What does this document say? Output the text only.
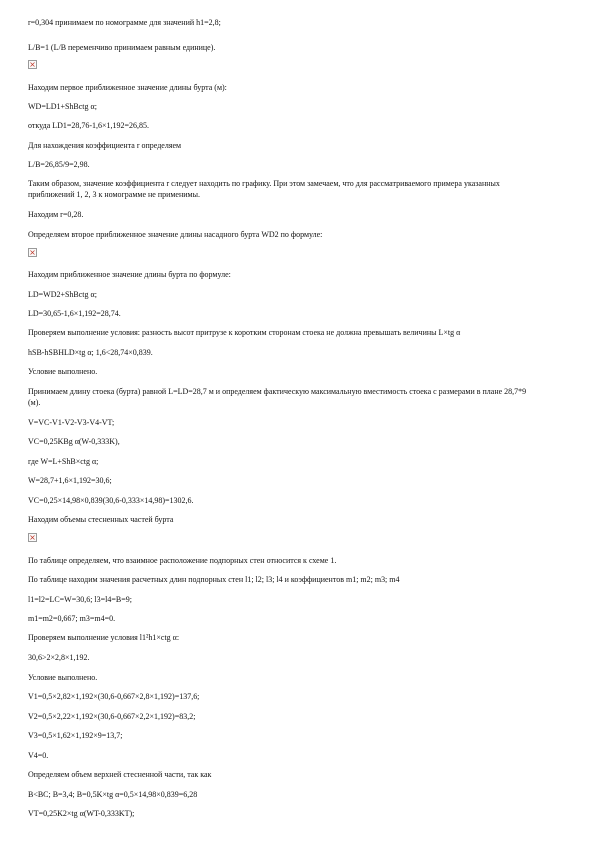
r=0,304 принимаем по номограмме для значений h1=2,8;
L/B=1 (L/B переменчиво принимаем равным единице).
×
Находим первое приближенное значение длины бурта (м):
WD=LD1+ShBctg α;
откуда LD1=28,76-1,6×1,192=26,85.
Для нахождения коэффициента r определяем
L/B=26,85/9=2,98.
Таким образом, значение коэффициента r следует находить по графику. При этом замечаем, что для рассматриваемого примера указанных приближений 1, 2, 3 к номограмме не применимы.
Находим r=0,28.
Определяем второе приближенное значение длины насадного бурта WD2 по формуле:
×
Находим приближенное значение длины бурта по формуле:
LD=WD2+ShBctg α;
LD=30,65-1,6×1,192=28,74.
Проверяем выполнение условия: разность высот притрузе к коротким сторонам стоека не должна превышать величины L×tg α
hSB-hSBHLD×tg α; 1,6<28,74×0,839.
Условие выполнено.
Принимаем длину стоека (бурта) равной L=LD=28,7 м и определяем фактическую максимальную вместимость стоека с размерами в плане 28,7*9 (м).
V=VC-V1-V2-V3-V4-VT;
VC=0,25KBg α(W-0,333K),
где W=L+ShB×ctg α;
W=28,7+1,6×1,192=30,6;
VC=0,25×14,98×0,839(30,6-0,333×14,98)=1302,6.
Находим объемы стесненных частей бурта
×
По таблице определяем, что взаимное расположение подпорных стен относится к схеме 1.
По таблице находим значения расчетных длин подпорных стен l1; l2; l3; l4 и коэффициентов m1; m2; m3; m4
l1=l2=LC=W=30,6; l3=l4=B=9;
m1=m2=0,667; m3=m4=0.
Проверяем выполнение условия l1²h1×ctg α:
30,6>2×2,8×1,192.
Условие выполнено.
V1=0,5×2,82×1,192×(30,6-0,667×2,8×1,192)=137,6;
V2=0,5×2,22×1,192×(30,6-0,667×2,2×1,192)=83,2;
V3=0,5×1,62×1,192×9=13,7;
V4=0.
Определяем объем верхней стесненной части, так как
B<BC; B=3,4; B=0,5K×tg α=0,5×14,98×0,839=6,28
VT=0,25K2×tg α(WT-0,333KT);
